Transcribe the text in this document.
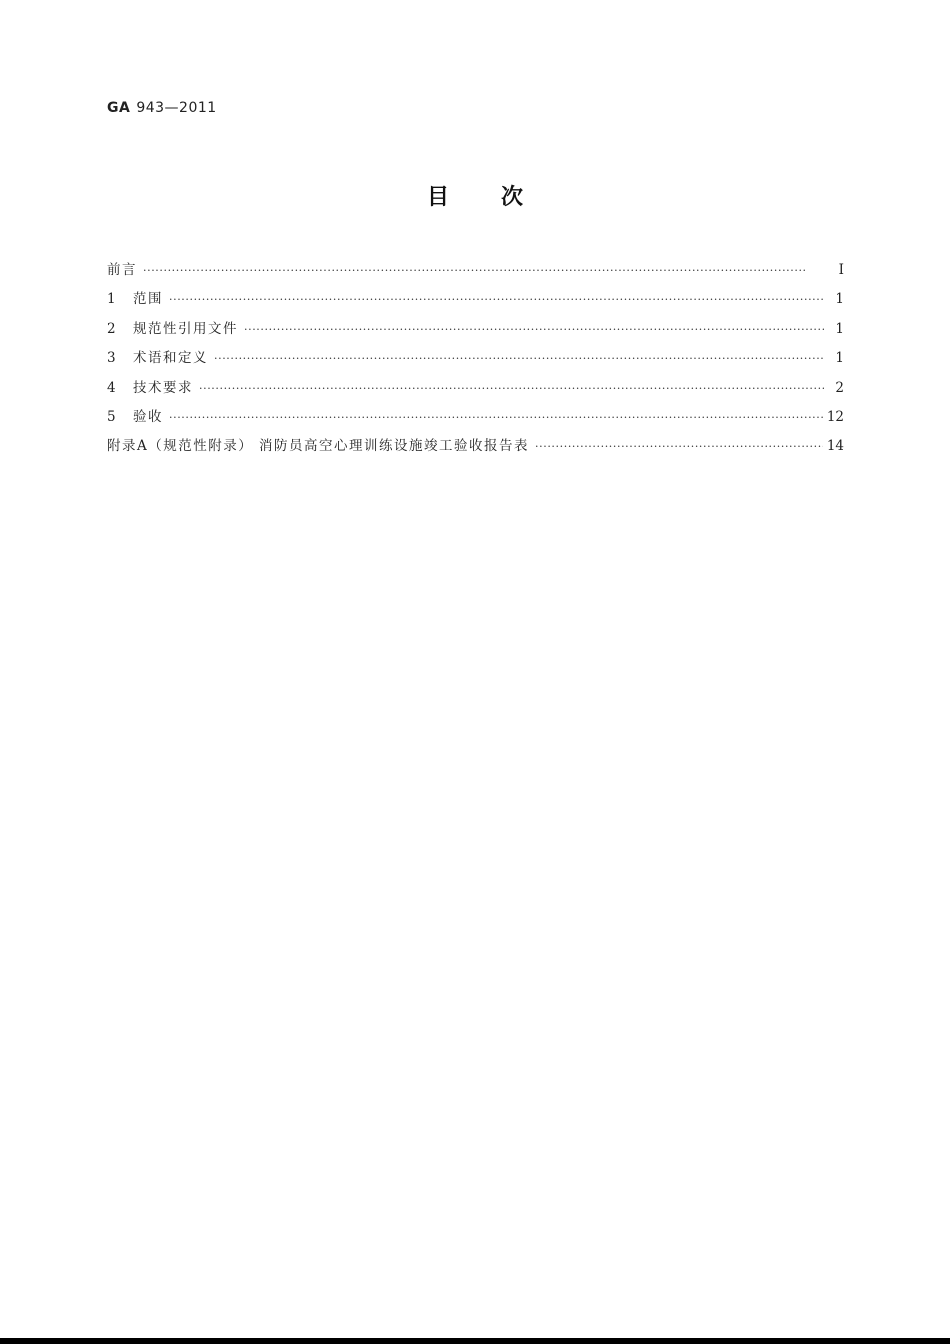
GA 943—2011
目 次
前言 ·····	Ⅰ
1	范围 ·····	1
2	规范性引用文件 ·····	1
3	术语和定义 ·····	1
4	技术要求 ·····	2
5	验收 ·····	12
附录A（规范性附录） 消防员高空心理训练设施竣工验收报告表 ·····	14
